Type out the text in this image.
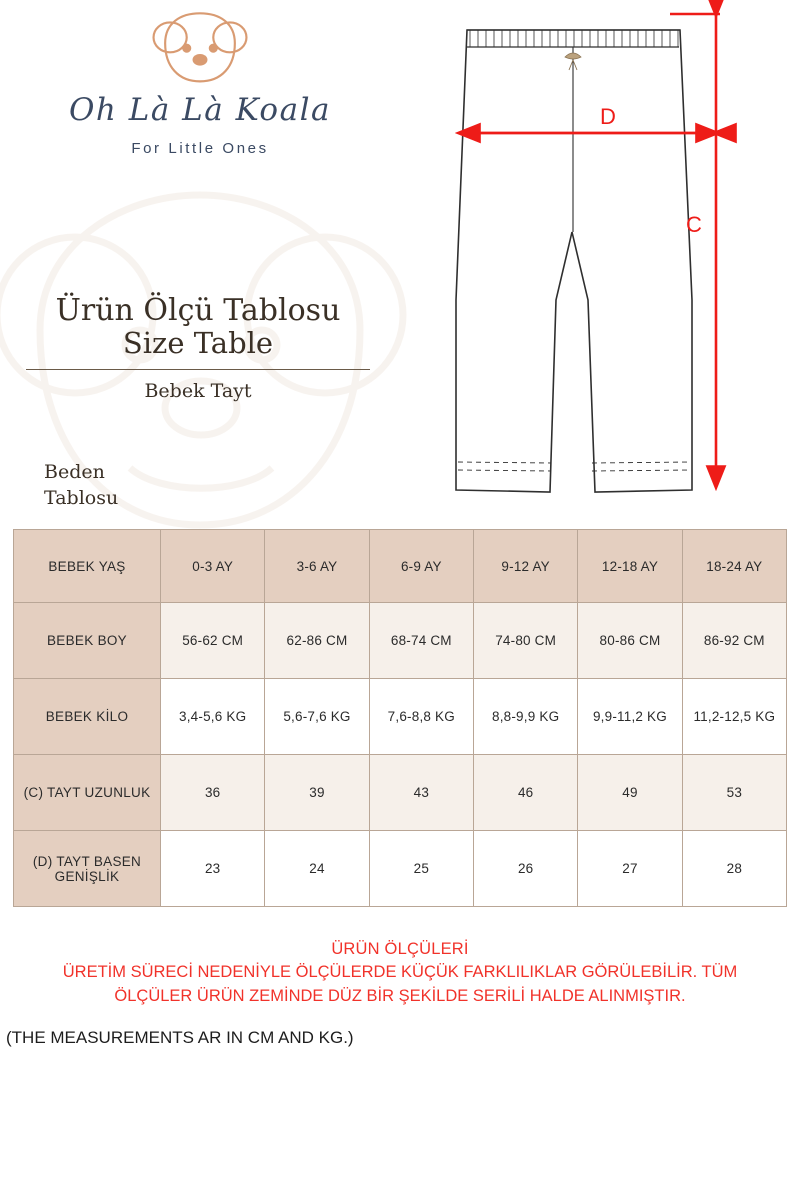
Oh Là Là Koala
For Little Ones
Ürün Ölçü Tablosu
Size Table
Bebek Tayt
Beden
Tablosu
D
C
BEBEK YAŞ	0-3 AY	3-6 AY	6-9 AY	9-12 AY	12-18 AY	18-24 AY
BEBEK BOY	56-62 CM	62-86 CM	68-74 CM	74-80 CM	80-86 CM	86-92 CM
BEBEK KİLO	3,4-5,6 KG	5,6-7,6 KG	7,6-8,8 KG	8,8-9,9 KG	9,9-11,2 KG	11,2-12,5 KG
(C) TAYT UZUNLUK	36	39	43	46	49	53
(D) TAYT BASEN GENİŞLİK	23	24	25	26	27	28
ÜRÜN ÖLÇÜLERİ
ÜRETİM SÜRECİ NEDENİYLE ÖLÇÜLERDE KÜÇÜK FARKLILIKLAR GÖRÜLEBİLİR. TÜM
ÖLÇÜLER ÜRÜN ZEMİNDE DÜZ BİR ŞEKİLDE SERİLİ HALDE ALINMIŞTIR.
(THE MEASUREMENTS AR IN CM AND KG.)
